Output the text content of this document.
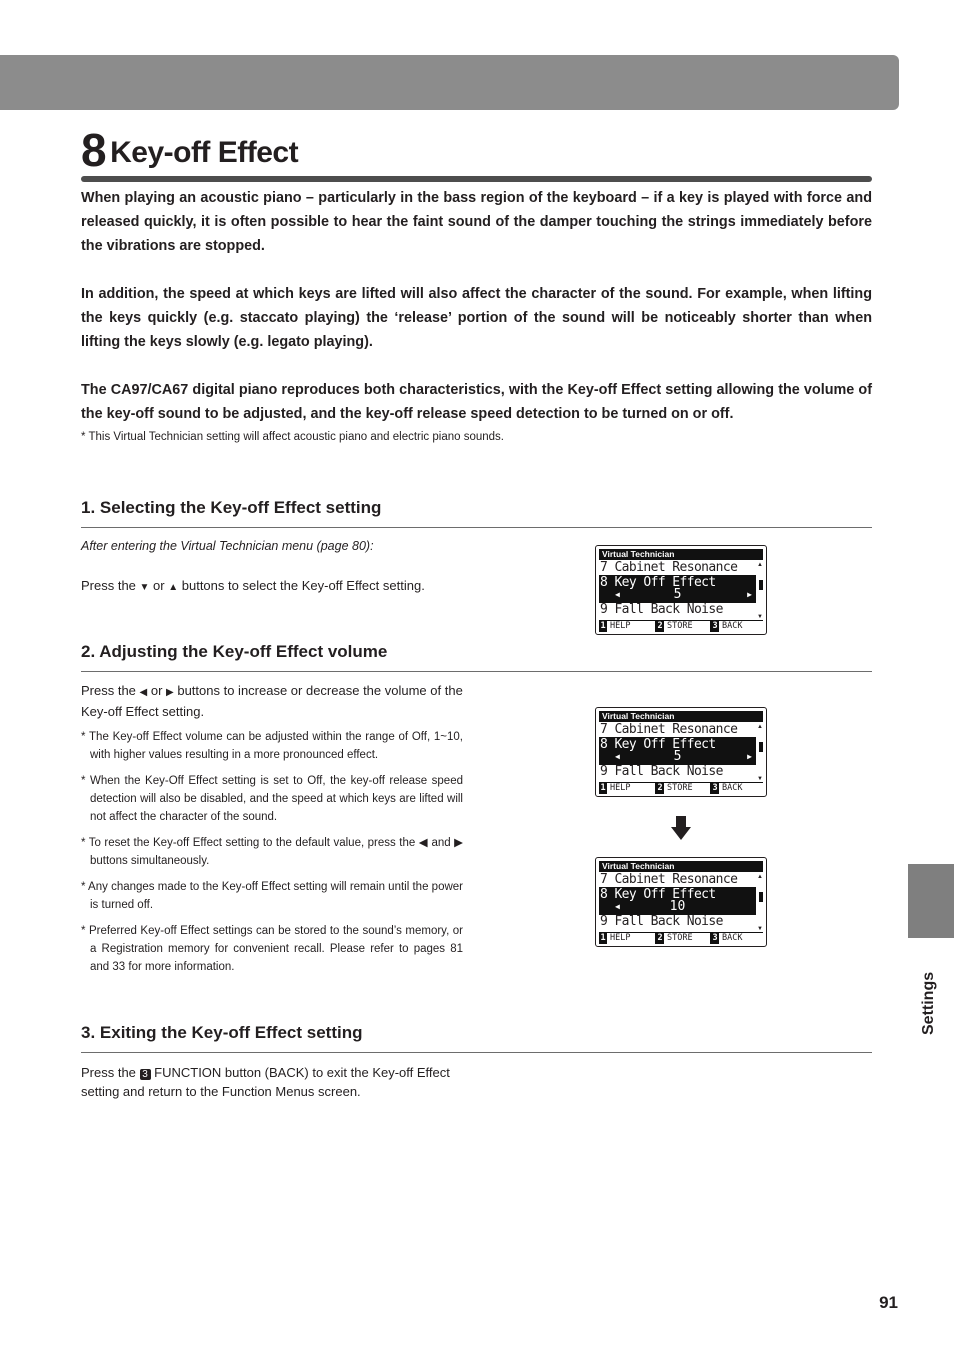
8 Key-off Effect

When playing an acoustic piano – particularly in the bass region of the keyboard – if a key is played with force and released quickly, it is often possible to hear the faint sound of the damper touching the strings immediately before the vibrations are stopped.

In addition, the speed at which keys are lifted will also affect the character of the sound. For example, when lifting the keys quickly (e.g. staccato playing) the ‘release’ portion of the sound will be noticeably shorter than when lifting the keys slowly (e.g. legato playing).

The CA97/CA67 digital piano reproduces both characteristics, with the Key-off Effect setting allowing the volume of the key-off sound to be adjusted, and the key-off release speed detection to be turned on or off.

* This Virtual Technician setting will affect acoustic piano and electric piano sounds.
1. Selecting the Key-off Effect setting

After entering the Virtual Technician menu (page 80):

Press the ▼ or ▲ buttons to select the Key-off Effect setting.

2. Adjusting the Key-off Effect volume

Press the ◀ or ▶ buttons to increase or decrease the volume of the Key-off Effect setting.

* The Key-off Effect volume can be adjusted within the range of Off, 1~10, with higher values resulting in a more pronounced effect.
* When the Key-Off Effect setting is set to Off, the key-off release speed detection will also be disabled, and the speed at which keys are lifted will not affect the character of the sound.
* To reset the Key-off Effect setting to the default value, press the ◀ and ▶ buttons simultaneously.
* Any changes made to the Key-off Effect setting will remain until the power is turned off.
* Preferred Key-off Effect settings can be stored to the sound’s memory, or a Registration memory for convenient recall. Please refer to pages 81 and 33 for more information.
3. Exiting the Key-off Effect setting

Press the 3 FUNCTION button (BACK) to exit the Key-off Effect setting and return to the Function Menus screen.

Virtual Technician
7 Cabinet Resonance
8 Key Off Effect
◀	5	▶
9 Fall Back Noise
▲
▼
1 HELP	2 STORE 3 BACK
Virtual Technician
7 Cabinet Resonance
8 Key Off Effect
◀	5	▶
9 Fall Back Noise
▲
▼
1 HELP	2 STORE 3 BACK
Virtual Technician
7 Cabinet Resonance
8 Key Off Effect
◀	10
9 Fall Back Noise
▲
▼
1 HELP	2 STORE 3 BACK
Settings
91
